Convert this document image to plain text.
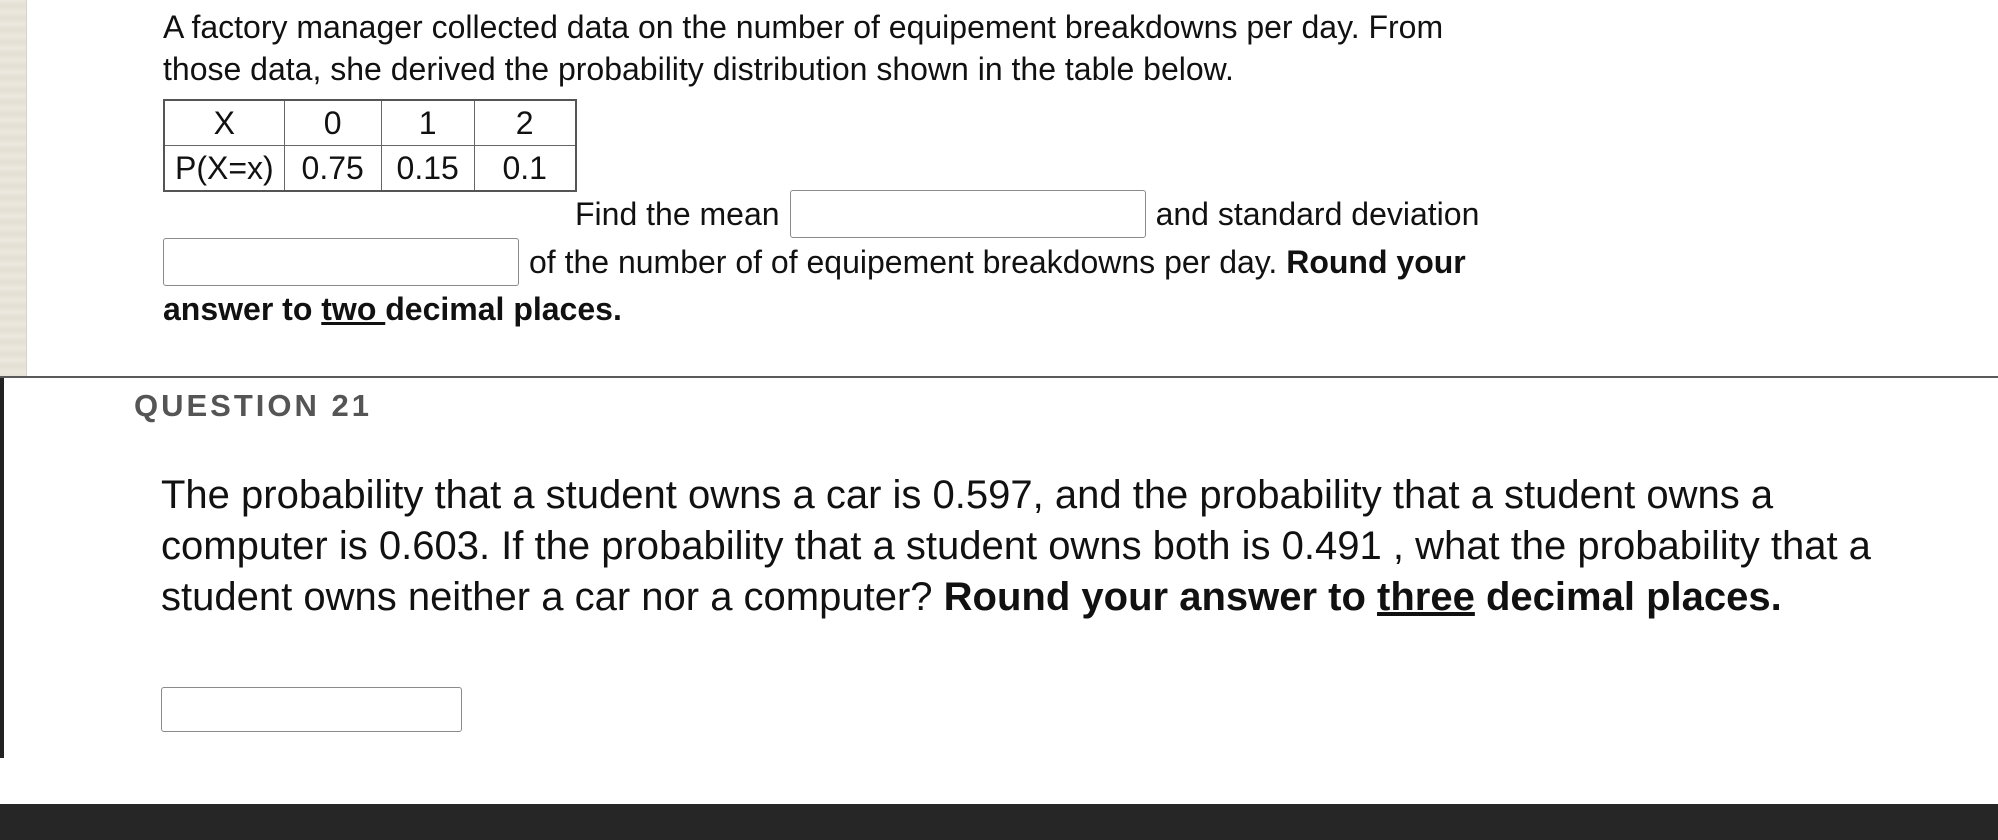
A factory manager collected data on the number of equipement breakdowns per day. From

those data, she derived the probability distribution shown in the table below.

X	0	1	2
P(X=x)	0.75	0.15	0.1
Find the mean	and standard deviation
of the number of of equipement breakdowns per day.
Round your
answer to two decimal places.
QUESTION 21

The probability that a student owns a car is 0.597, and the probability that a student owns a computer is 0.603. If the probability that a student owns both is 0.491 , what the probability that a student owns neither a car nor a computer? Round your answer to three decimal places.
